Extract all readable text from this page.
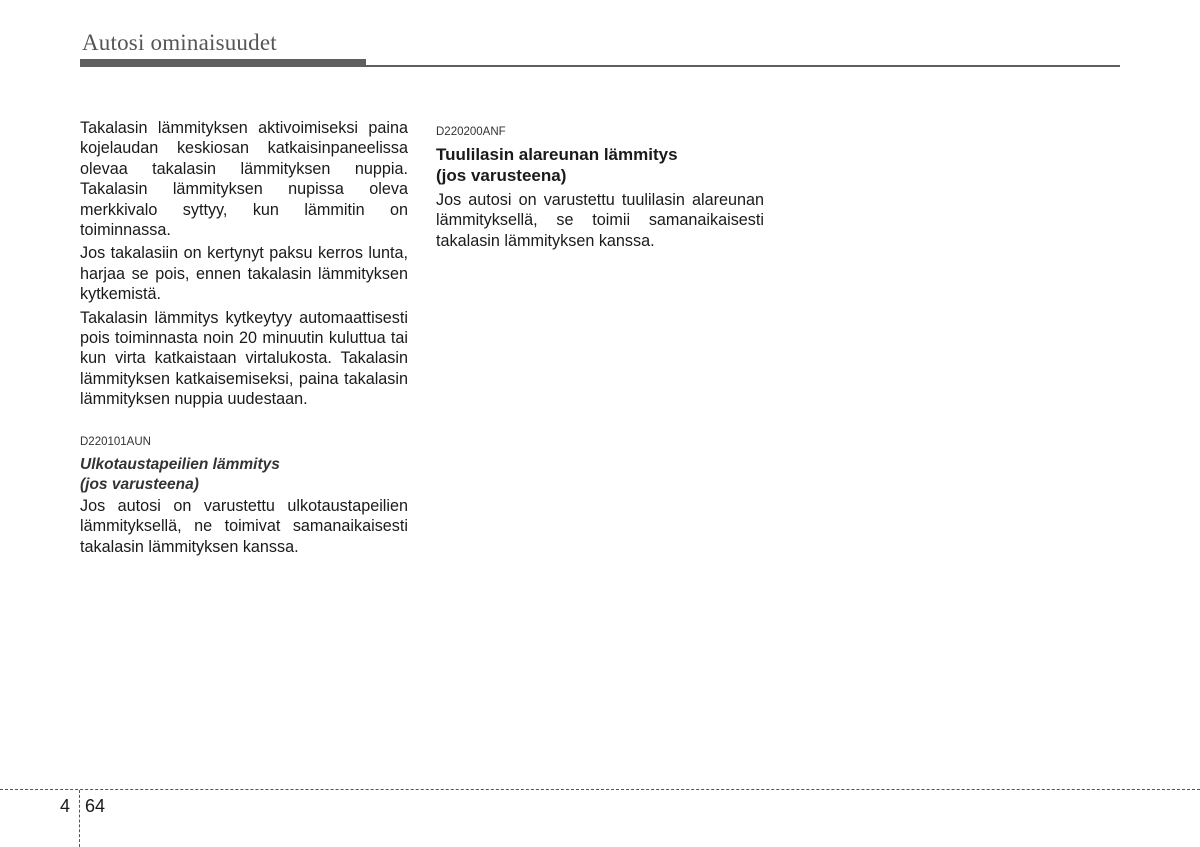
Autosi ominaisuudet

Takalasin lämmityksen aktivoimiseksi paina kojelaudan keskiosan katkaisinpaneelissa olevaa takalasin lämmityksen nuppia. Takalasin lämmityksen nupissa oleva merkkivalo syttyy, kun lämmitin on toiminnassa.

Jos takalasiin on kertynyt paksu kerros lunta, harjaa se pois, ennen takalasin lämmityksen kytkemistä.

Takalasin lämmitys kytkeytyy automaattisesti pois toiminnasta noin 20 minuutin kuluttua tai kun virta katkaistaan virtalukosta. Takalasin lämmityksen katkaisemiseksi, paina takalasin lämmityksen nuppia uudestaan.

D220101AUN
Ulkotaustapeilien lämmitys
(jos varusteena)

Jos autosi on varustettu ulkotaustapeilien lämmityksellä, ne toimivat samanaikaisesti takalasin lämmityksen kanssa.

D220200ANF
Tuulilasin alareunan lämmitys
(jos varusteena)

Jos autosi on varustettu tuulilasin alareunan lämmityksellä, se toimii samanaikaisesti takalasin lämmityksen kanssa.

4 64
